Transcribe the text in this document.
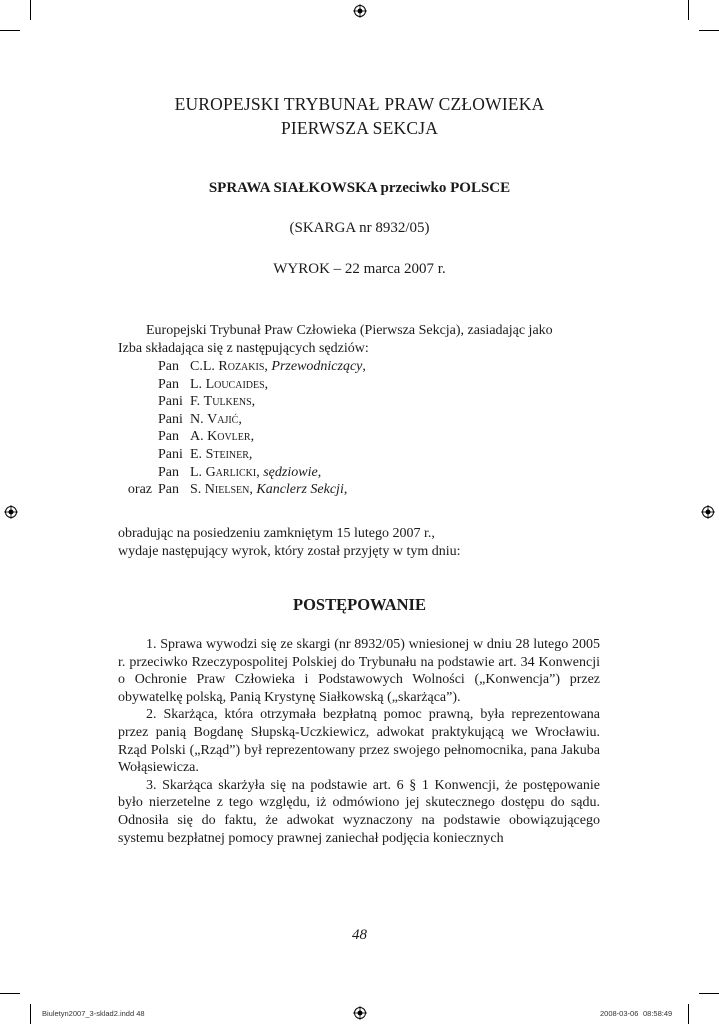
EUROPEJSKI TRYBUNAŁ PRAW CZŁOWIEKA
PIERWSZA SEKCJA
SPRAWA SIAŁKOWSKA przeciwko POLSCE
(SKARGA nr 8932/05)
WYROK – 22 marca 2007 r.
Europejski Trybunał Praw Człowieka (Pierwsza Sekcja), zasiadając jako
Izba składająca się z następujących sędziów:
Pan C.L. Rozakis, Przewodniczący,
Pan L. Loucaides,
Pani F. Tulkens,
Pani N. Vajić,
Pan A. Kovler,
Pani E. Steiner,
Pan L. Garlicki, sędziowie,
oraz Pan S. Nielsen, Kanclerz Sekcji,
obradując na posiedzeniu zamkniętym 15 lutego 2007 r.,
wydaje następujący wyrok, który został przyjęty w tym dniu:
POSTĘPOWANIE

1. Sprawa wywodzi się ze skargi (nr 8932/05) wniesionej w dniu 28 lutego 2005 r. przeciwko Rzeczypospolitej Polskiej do Trybunału na podstawie art. 34 Konwencji o Ochronie Praw Człowieka i Podstawowych Wolności („Konwencja”) przez obywatelkę polską, Panią Krystynę Siałkowską („skarżąca”).

2. Skarżąca, która otrzymała bezpłatną pomoc prawną, była reprezentowana przez panią Bogdanę Słupską-Uczkiewicz, adwokat praktykującą we Wrocławiu. Rząd Polski („Rząd”) był reprezentowany przez swojego pełnomocnika, pana Jakuba Wołąsiewicza.

3. Skarżąca skarżyła się na podstawie art. 6 § 1 Konwencji, że postępowanie było nierzetelne z tego względu, iż odmówiono jej skutecznego dostępu do sądu. Odnosiła się do faktu, że adwokat wyznaczony na podstawie obowiązującego systemu bezpłatnej pomocy prawnej zaniechał podjęcia koniecznych

48
Biuletyn2007_3-sklad2.indd 48	2008-03-06 08:58:49
